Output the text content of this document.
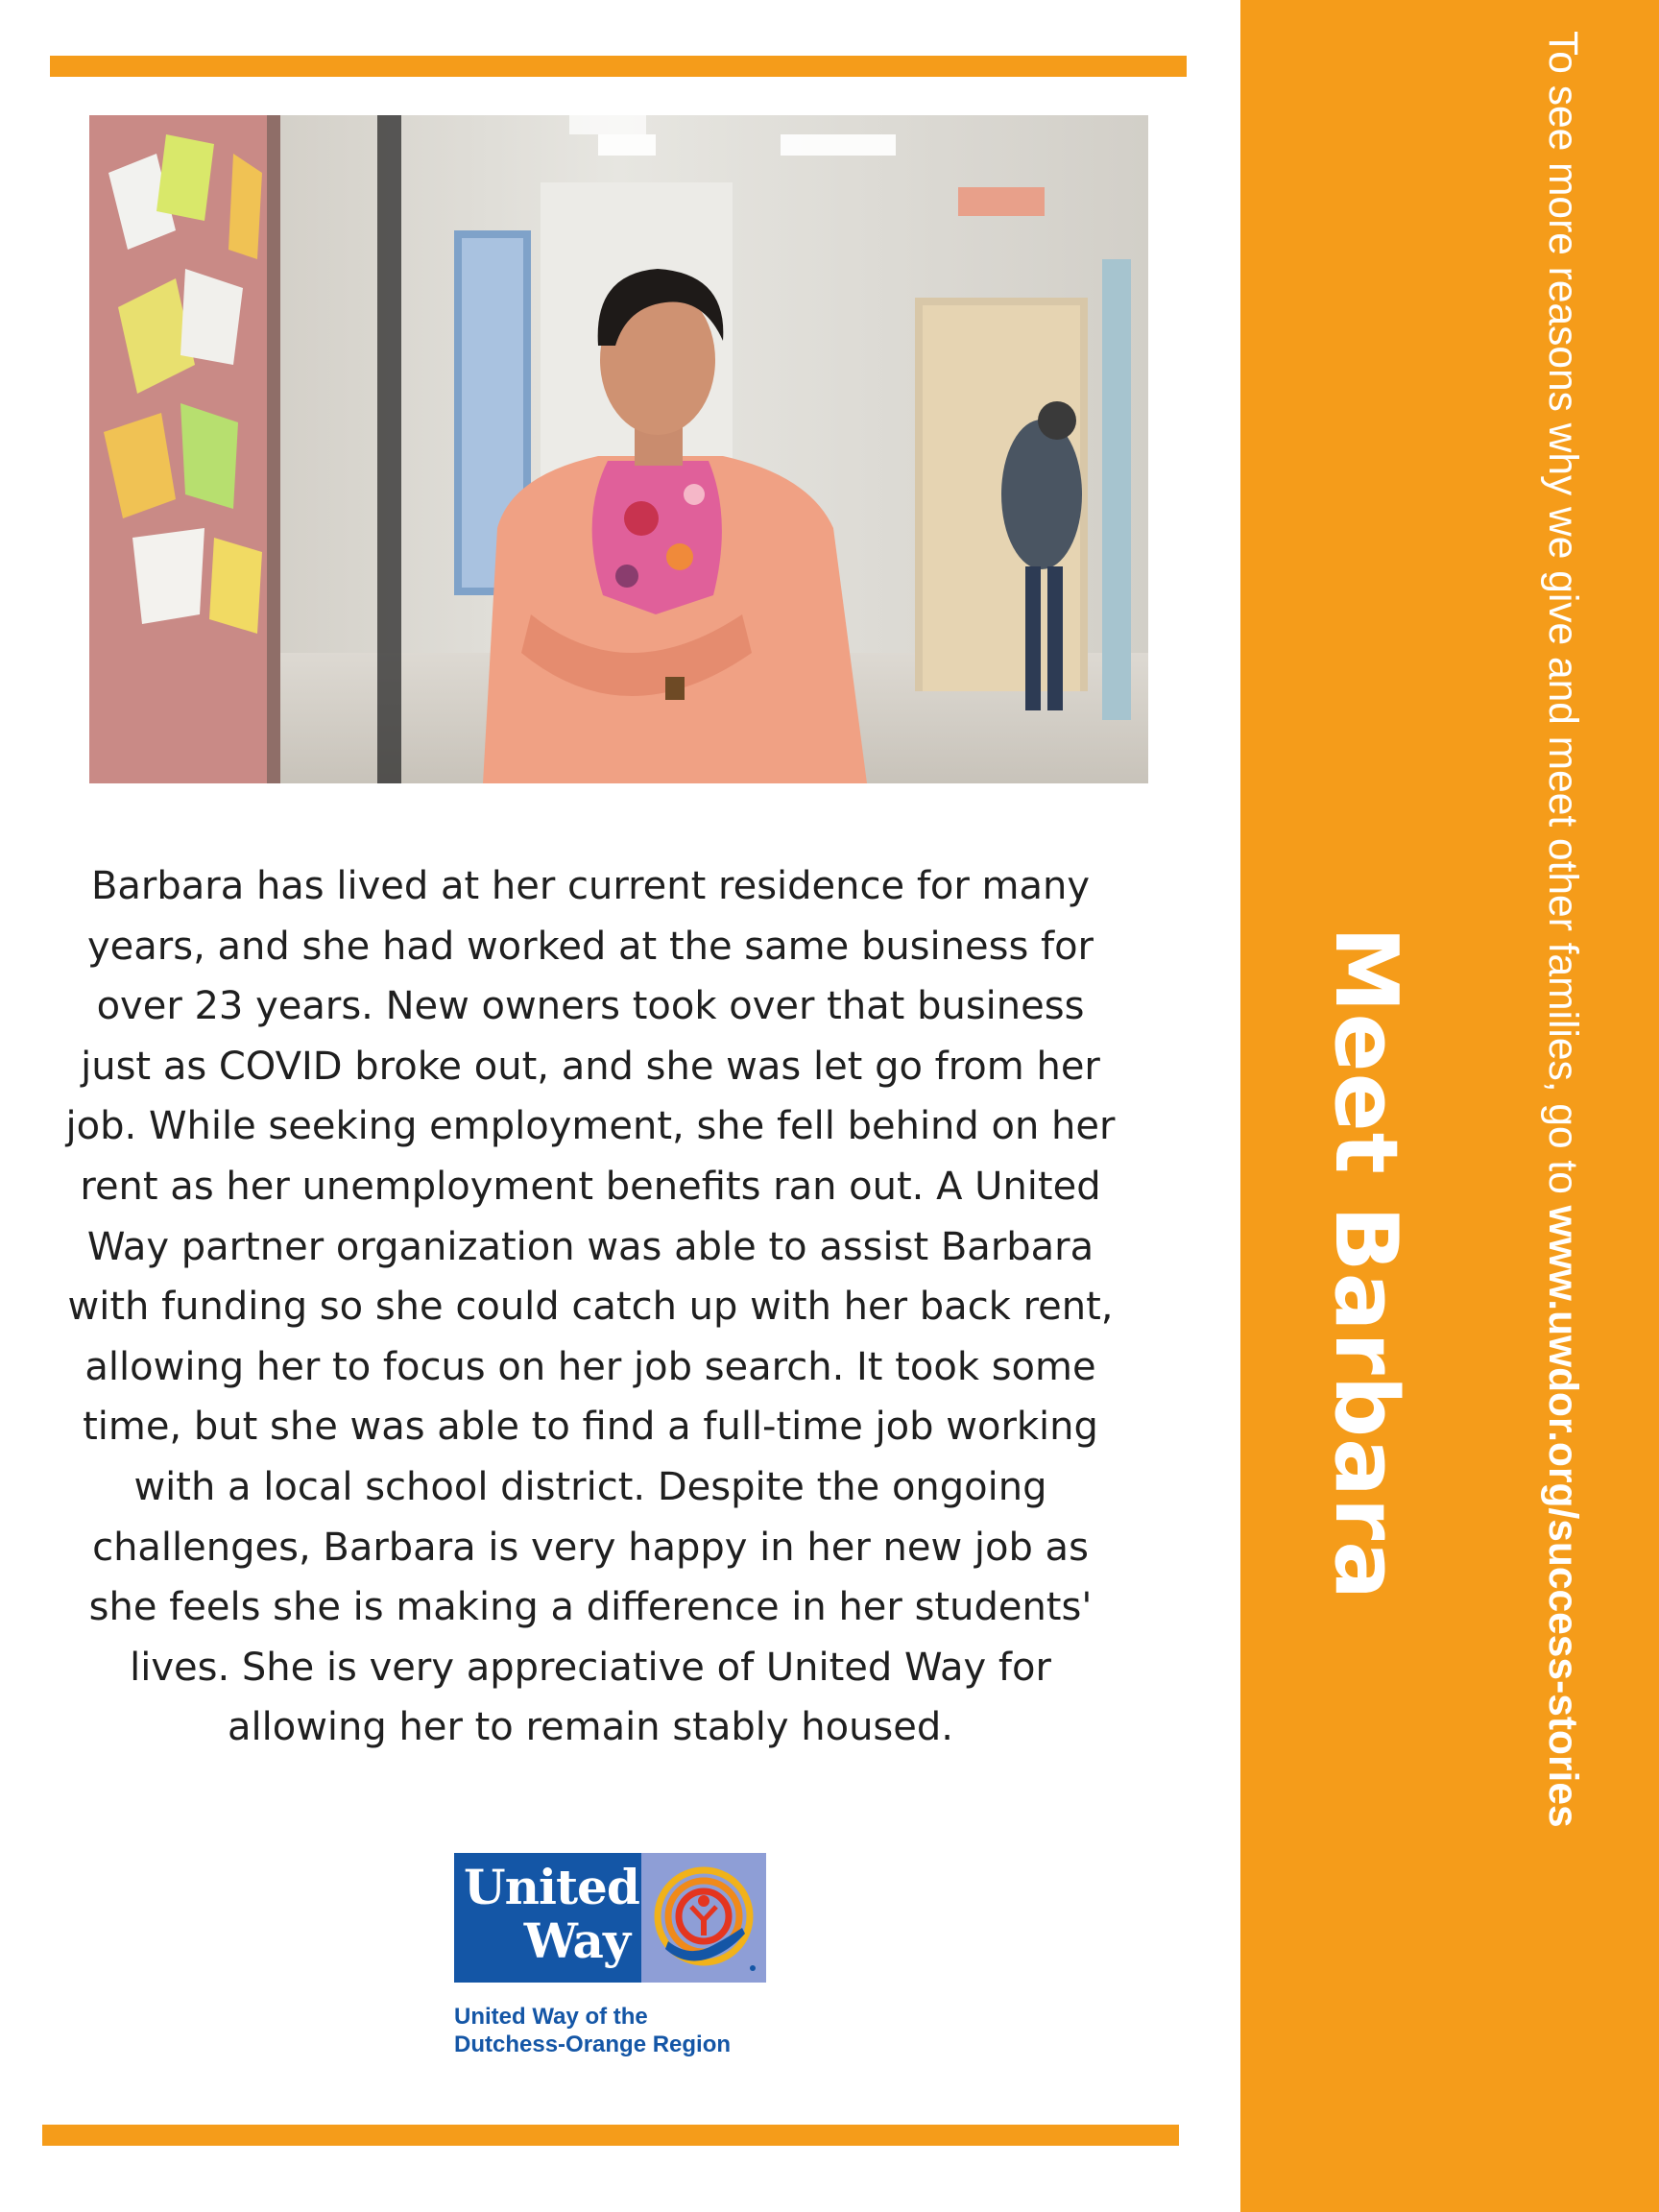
Barbara has lived at her current residence for many years, and she had worked at the same business for over 23 years. New owners took over that business just as COVID broke out, and she was let go from her job. While seeking employment, she fell behind on her rent as her unemployment benefits ran out. A United Way partner organization was able to assist Barbara with funding so she could catch up with her back rent, allowing her to focus on her job search. It took some time, but she was able to find a full-time job working with a local school district. Despite the ongoing challenges, Barbara is very happy in her new job as she feels she is making a difference in her students' lives. She is very appreciative of United Way for allowing her to remain stably housed.

United
Way
United Way of the
Dutchess-Orange Region
Meet Barbara
To see more reasons why we give and meet other families, go to www.uwdor.org/success-stories
